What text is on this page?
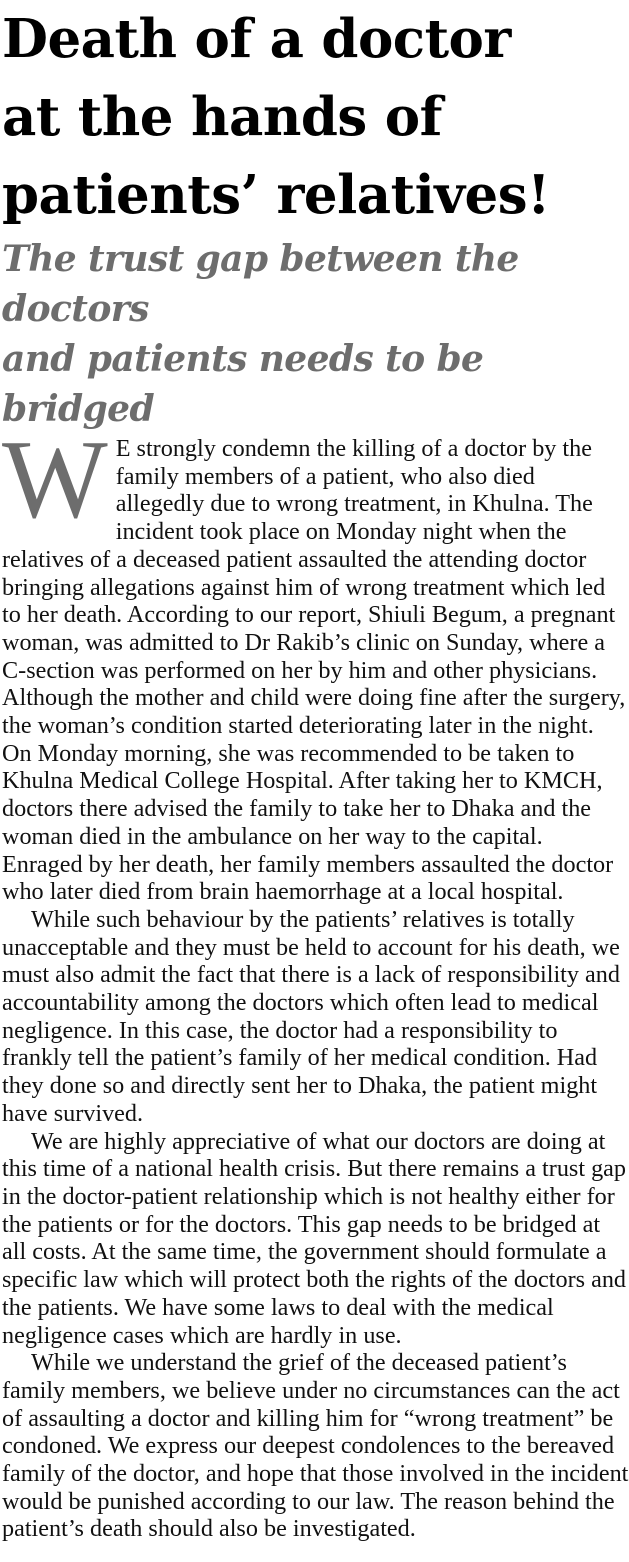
Death of a doctor
at the hands of
patients’ relatives!
The trust gap between the doctors
and patients needs to be bridged

W E strongly condemn the killing of a doctor by the family members of a patient, who also died allegedly due to wrong treatment, in Khulna. The incident took place on Monday night when the relatives of a deceased patient assaulted the attending doctor bringing allegations against him of wrong treatment which led to her death. According to our report, Shiuli Begum, a pregnant woman, was admitted to Dr Rakib’s clinic on Sunday, where a C-section was performed on her by him and other physicians. Although the mother and child were doing fine after the surgery, the woman’s condition started deteriorating later in the night. On Monday morning, she was recommended to be taken to Khulna Medical College Hospital. After taking her to KMCH, doctors there advised the family to take her to Dhaka and the woman died in the ambulance on her way to the capital. Enraged by her death, her family members assaulted the doctor who later died from brain haemorrhage at a local hospital.

While such behaviour by the patients’ relatives is totally unacceptable and they must be held to account for his death, we must also admit the fact that there is a lack of responsibility and accountability among the doctors which often lead to medical negligence. In this case, the doctor had a responsibility to frankly tell the patient’s family of her medical condition. Had they done so and directly sent her to Dhaka, the patient might have survived.

We are highly appreciative of what our doctors are doing at this time of a national health crisis. But there remains a trust gap in the doctor-patient relationship which is not healthy either for the patients or for the doctors. This gap needs to be bridged at all costs. At the same time, the government should formulate a specific law which will protect both the rights of the doctors and the patients. We have some laws to deal with the medical negligence cases which are hardly in use.

While we understand the grief of the deceased patient’s family members, we believe under no circumstances can the act of assaulting a doctor and killing him for “wrong treatment” be condoned. We express our deepest condolences to the bereaved family of the doctor, and hope that those involved in the incident would be punished according to our law. The reason behind the patient’s death should also be investigated.
